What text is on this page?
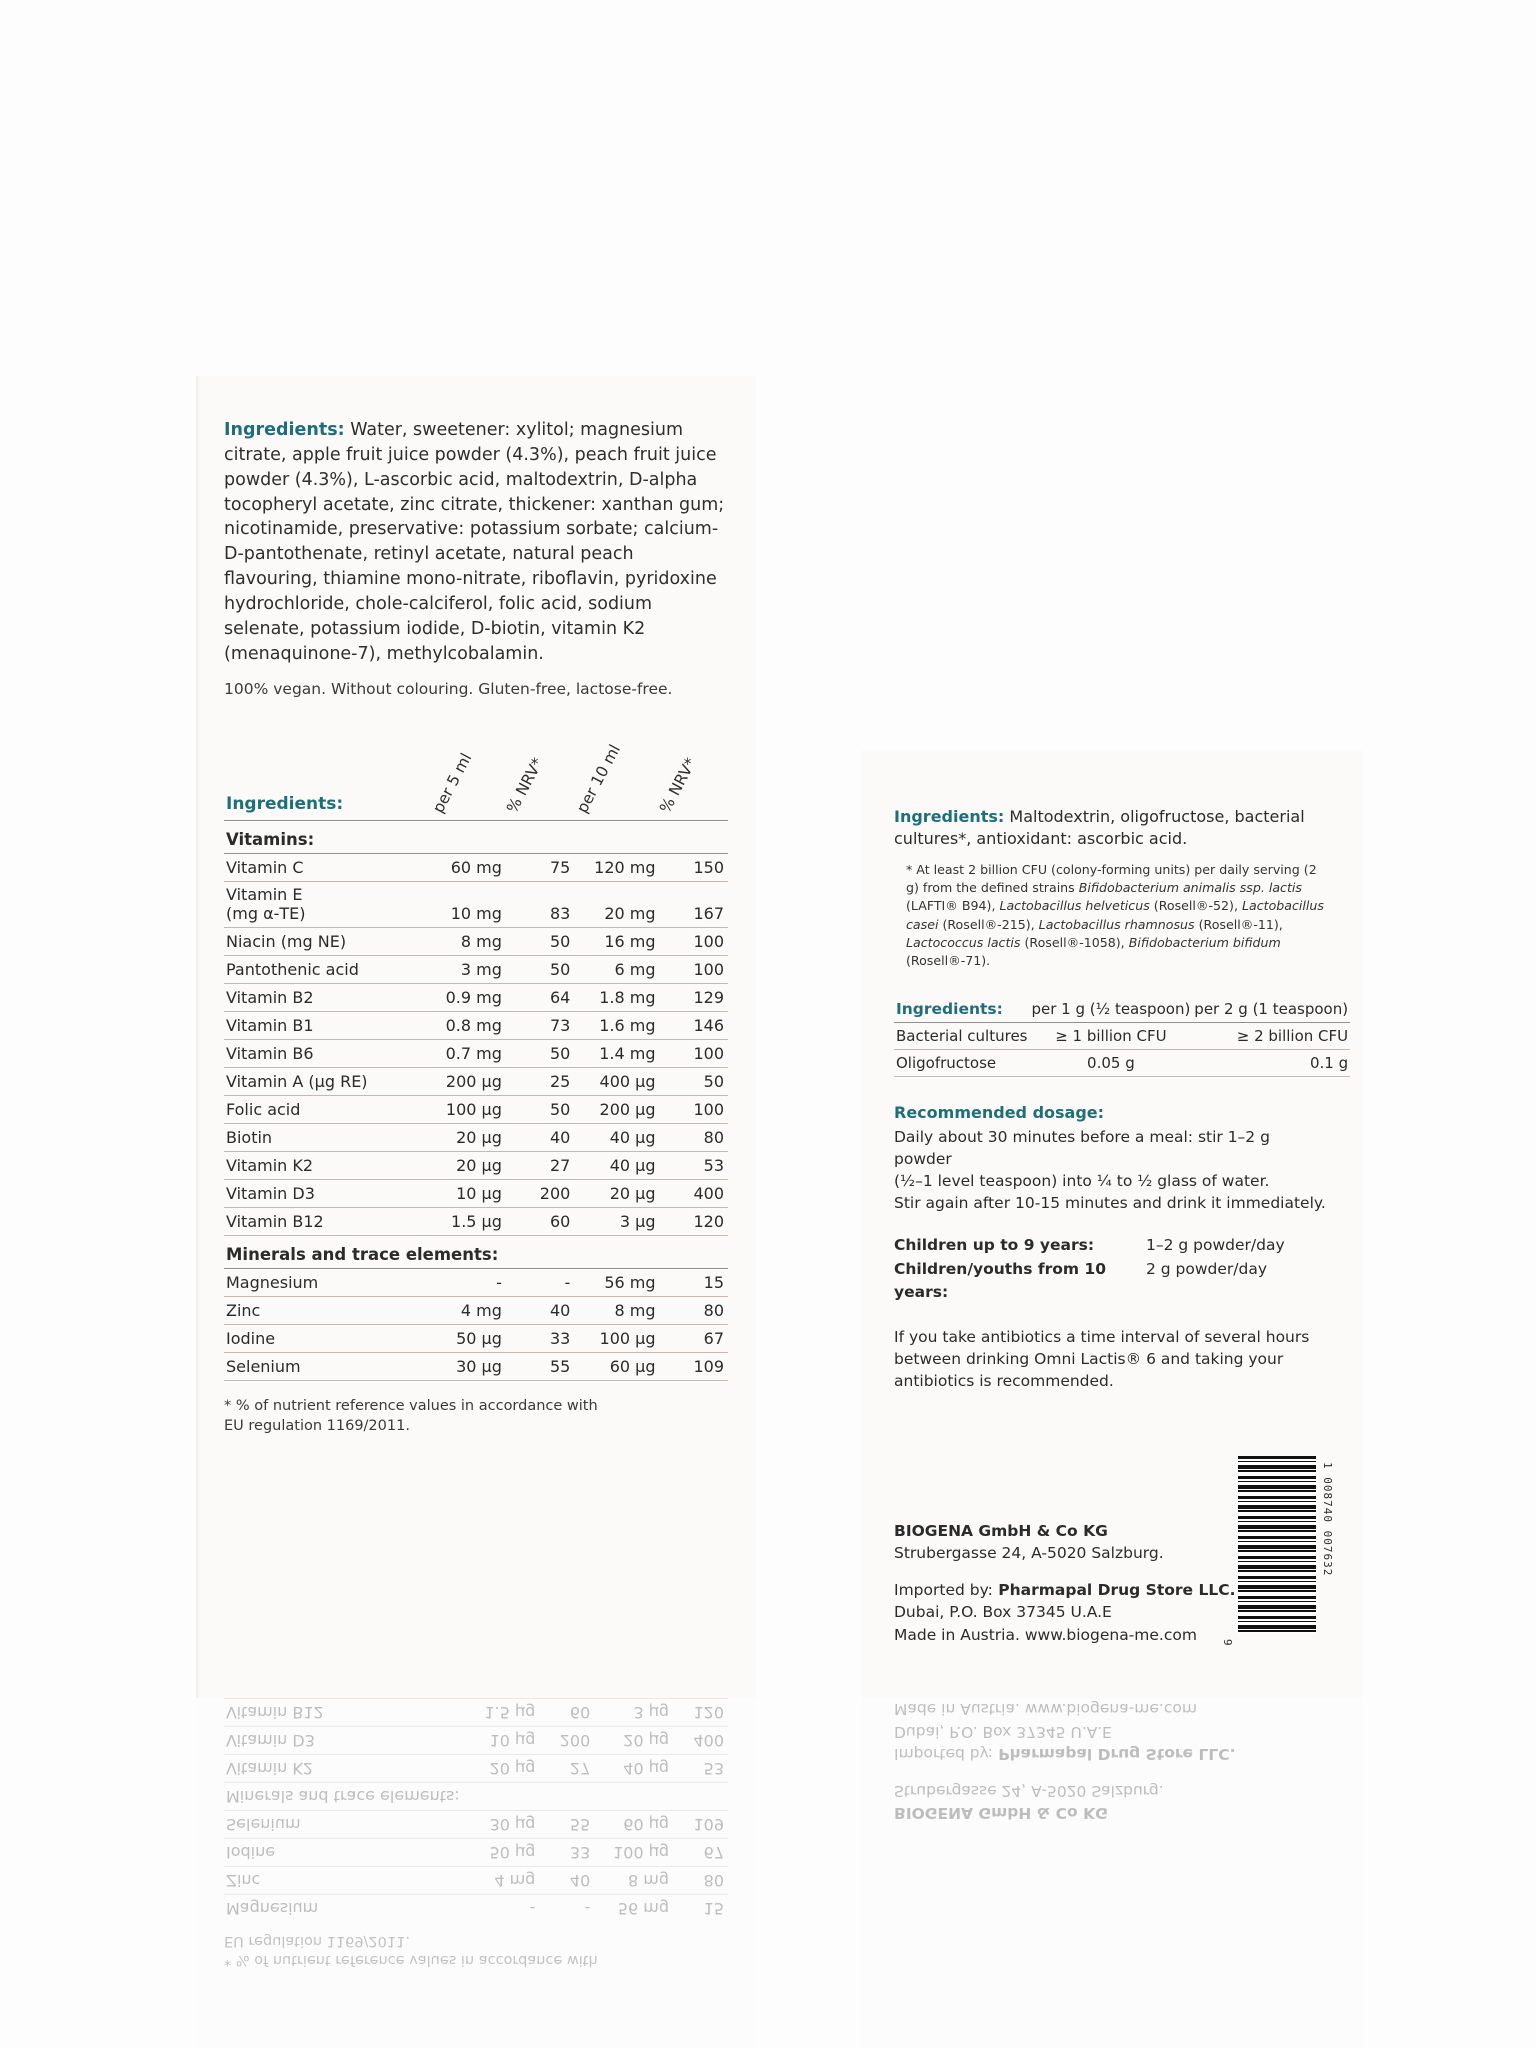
Ingredients: Water, sweetener: xylitol; magnesium citrate, apple fruit juice powder (4.3%), peach fruit juice powder (4.3%), L-ascorbic acid, maltodextrin, D-alpha tocopheryl acetate, zinc citrate, thickener: xanthan gum; nicotinamide, preservative: potassium sorbate; calcium-D-pantothenate, retinyl acetate, natural peach flavouring, thiamine mono-nitrate, riboflavin, pyridoxine hydrochloride, chole-calciferol, folic acid, sodium selenate, potassium iodide, D-biotin, vitamin K2 (menaquinone-7), methylcobalamin.
100% vegan. Without colouring. Gluten-free, lactose-free.
Ingredients:	per 5 ml	% NRV*	per 10 ml	% NRV*
Vitamins:				
Vitamin C	60 mg	75	120 mg	150
Vitamin E
(mg α-TE)	10 mg	83	20 mg	167
Niacin (mg NE)	8 mg	50	16 mg	100
Pantothenic acid	3 mg	50	6 mg	100
Vitamin B2	0.9 mg	64	1.8 mg	129
Vitamin B1	0.8 mg	73	1.6 mg	146
Vitamin B6	0.7 mg	50	1.4 mg	100
Vitamin A (µg RE)	200 µg	25	400 µg	50
Folic acid	100 µg	50	200 µg	100
Biotin	20 µg	40	40 µg	80
Vitamin K2	20 µg	27	40 µg	53
Vitamin D3	10 µg	200	20 µg	400
Vitamin B12	1.5 µg	60	3 µg	120
Minerals and trace elements:				
Magnesium	-	-	56 mg	15
Zinc	4 mg	40	8 mg	80
Iodine	50 µg	33	100 µg	67
Selenium	30 µg	55	60 µg	109
* % of nutrient reference values in accordance with
EU regulation 1169/2011.
Ingredients: Maltodextrin, oligofructose, bacterial cultures*, antioxidant: ascorbic acid.
* At least 2 billion CFU (colony-forming units) per daily serving (2 g) from the defined strains Bifidobacterium animalis ssp. lactis (LAFTI® B94), Lactobacillus helveticus (Rosell®-52), Lactobacillus casei (Rosell®-215), Lactobacillus rhamnosus (Rosell®-11), Lactococcus lactis (Rosell®-1058), Bifidobacterium bifidum (Rosell®-71).
Ingredients:	per 1 g (½ teaspoon)	per 2 g (1 teaspoon)
Bacterial cultures	≥ 1 billion CFU	≥ 2 billion CFU
Oligofructose	0.05 g	0.1 g
Recommended dosage:
Daily about 30 minutes before a meal: stir 1–2 g powder
(½–1 level teaspoon) into ¼ to ½ glass of water.
Stir again after 10-15 minutes and drink it immediately.
Children up to 9 years:	1–2 g powder/day
Children/youths from 10 years:
2 g powder/day
If you take antibiotics a time interval of several hours
between drinking Omni Lactis® 6 and taking your
antibiotics is recommended.
BIOGENA GmbH & Co KG
Strubergasse 24, A-5020 Salzburg.
Imported by: Pharmapal Drug Store LLC.
Dubai, P.O. Box 37345 U.A.E
Made in Austria. www.biogena-me.com
1 008740 007632
9
* % of nutrient reference values in accordance with
EU regulation 1169/2011.
Magnesium	-	-	56 mg	15
Zinc	4 mg	40	8 mg	80
Iodine	50 µg	33	100 µg	67
Selenium	30 µg	55	60 µg	109
Minerals and trace elements:				
Vitamin K2	20 µg	27	40 µg	53
Vitamin D3	10 µg	200	20 µg	400
Vitamin B12	1.5 µg	60	3 µg	120
BIOGENA GmbH & Co KG
Strubergasse 24, A-5020 Salzburg.
Imported by: Pharmapal Drug Store LLC.
Dubai, P.O. Box 37345 U.A.E
Made in Austria. www.biogena-me.com
